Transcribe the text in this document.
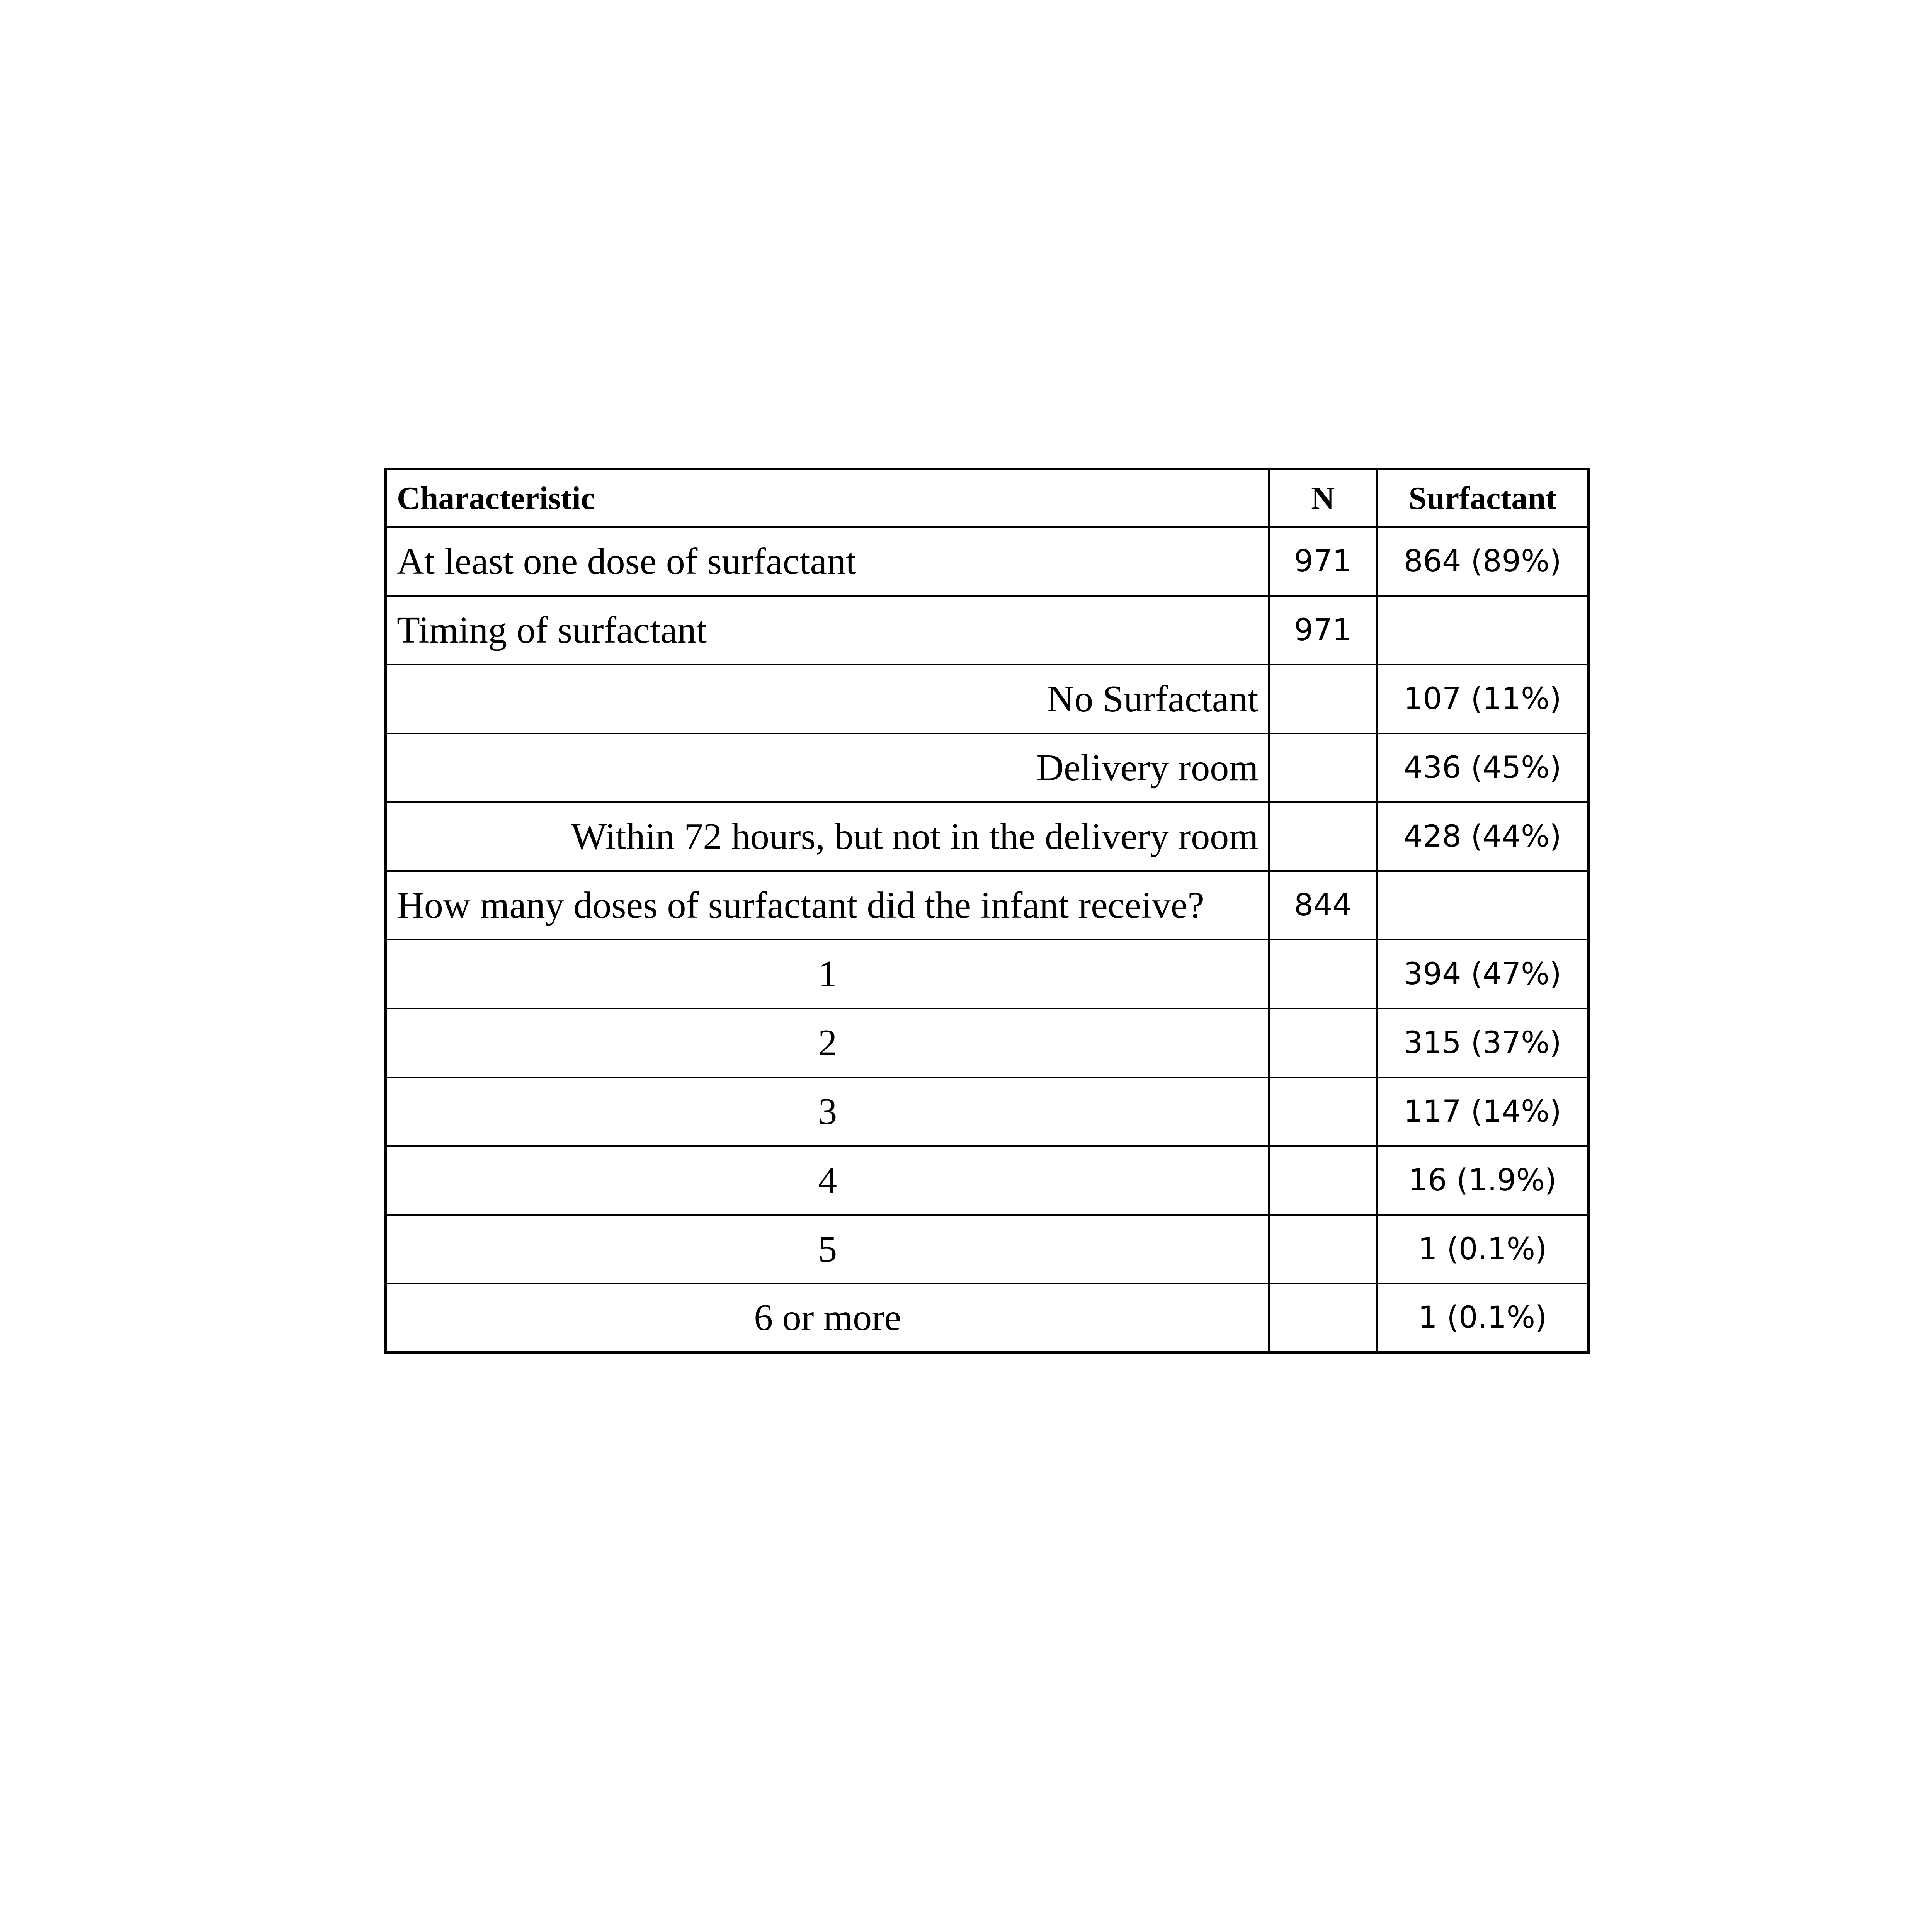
Characteristic	N	Surfactant
At least one dose of surfactant	971	864 (89%)
Timing of surfactant	971	
No Surfactant		107 (11%)
Delivery room		436 (45%)
Within 72 hours, but not in the delivery room		428 (44%)
How many doses of surfactant did the infant receive?	844	
1		394 (47%)
2		315 (37%)
3		117 (14%)
4		16 (1.9%)
5		1 (0.1%)
6 or more		1 (0.1%)
